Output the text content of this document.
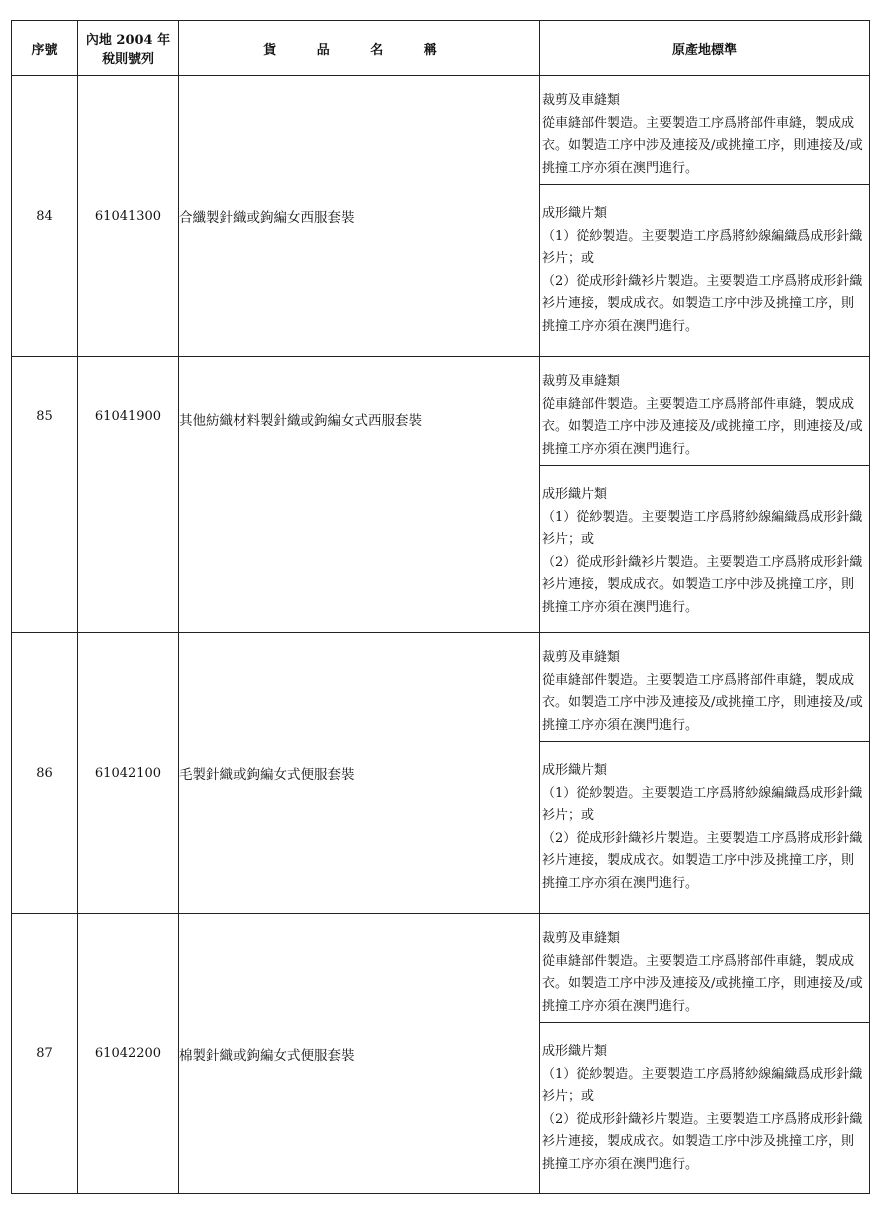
序號	內地 2004 年
稅則號列	貨 品 名 稱	原產地標準
84	61041300	合纖製針織或鉤編女西服套裝	裁剪及車縫類
從車縫部件製造。主要製造工序爲將部件車縫，製成成衣。如製造工序中涉及連接及/或挑撞工序，則連接及/或挑撞工序亦須在澳門進行。
成形織片類
（1）從紗製造。主要製造工序爲將紗線編織爲成形針織衫片；或
（2）從成形針織衫片製造。主要製造工序爲將成形針織衫片連接，製成成衣。如製造工序中涉及挑撞工序，則挑撞工序亦須在澳門進行。

85	61041900	其他紡織材料製針織或鉤編女式西服套裝	裁剪及車縫類
從車縫部件製造。主要製造工序爲將部件車縫，製成成衣。如製造工序中涉及連接及/或挑撞工序，則連接及/或挑撞工序亦須在澳門進行。
成形織片類
（1）從紗製造。主要製造工序爲將紗線編織爲成形針織衫片；或
（2）從成形針織衫片製造。主要製造工序爲將成形針織衫片連接，製成成衣。如製造工序中涉及挑撞工序，則挑撞工序亦須在澳門進行。

86	61042100	毛製針織或鉤編女式便服套裝	裁剪及車縫類
從車縫部件製造。主要製造工序爲將部件車縫，製成成衣。如製造工序中涉及連接及/或挑撞工序，則連接及/或挑撞工序亦須在澳門進行。
成形織片類
（1）從紗製造。主要製造工序爲將紗線編織爲成形針織衫片；或
（2）從成形針織衫片製造。主要製造工序爲將成形針織衫片連接，製成成衣。如製造工序中涉及挑撞工序，則挑撞工序亦須在澳門進行。

87	61042200	棉製針織或鉤編女式便服套裝	裁剪及車縫類
從車縫部件製造。主要製造工序爲將部件車縫，製成成衣。如製造工序中涉及連接及/或挑撞工序，則連接及/或挑撞工序亦須在澳門進行。
成形織片類
（1）從紗製造。主要製造工序爲將紗線編織爲成形針織衫片；或
（2）從成形針織衫片製造。主要製造工序爲將成形針織衫片連接，製成成衣。如製造工序中涉及挑撞工序，則挑撞工序亦須在澳門進行。
